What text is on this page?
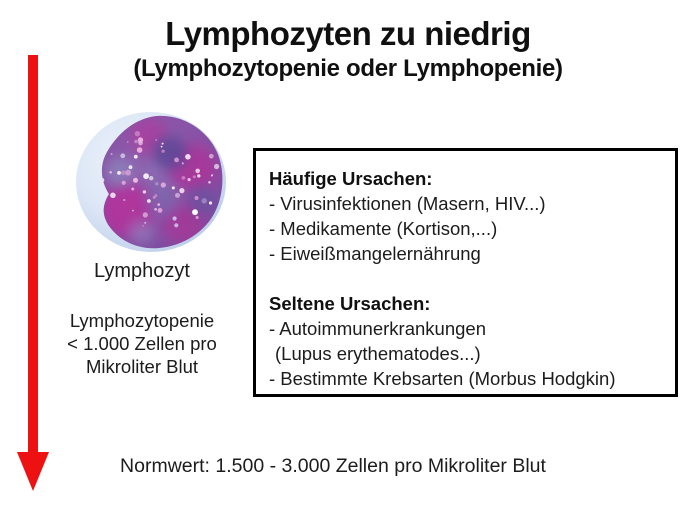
Lymphozyten zu niedrig
(Lymphozytopenie oder Lymphopenie)
Lymphozyt
Lymphozytopenie
< 1.000 Zellen pro
Mikroliter Blut
Häufige Ursachen:
- Virusinfektionen (Masern, HIV...)
- Medikamente (Kortison,...)
- Eiweißmangelernährung
Seltene Ursachen:
- Autoimmunerkrankungen
(Lupus erythematodes...)
- Bestimmte Krebsarten (Morbus Hodgkin)
Normwert: 1.500 - 3.000 Zellen pro Mikroliter Blut
